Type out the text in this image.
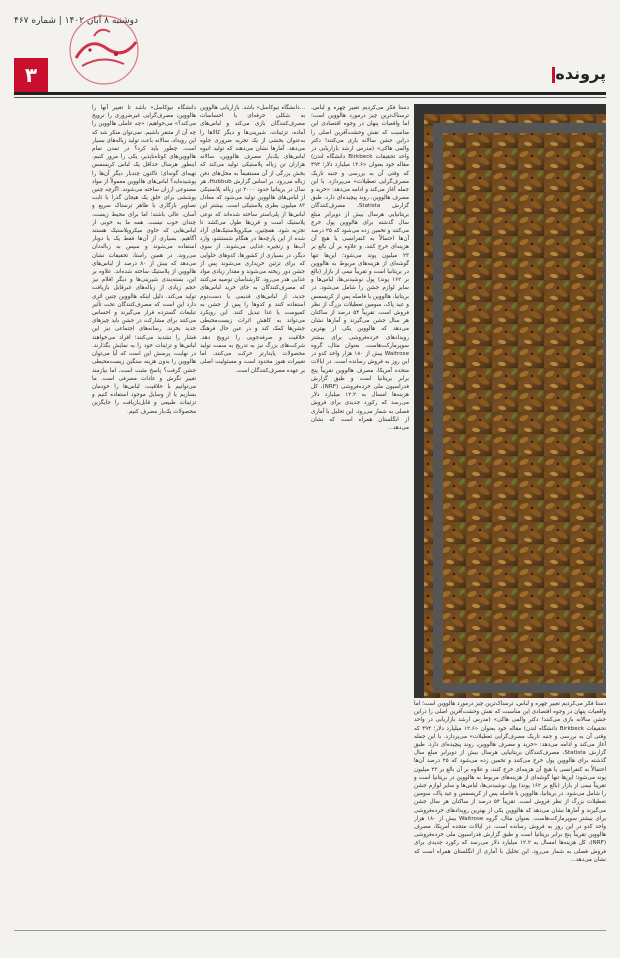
دوشنبه ۸ آبان ۱۴۰۲ | شماره ۴۶۷
۳	پرونده

دستا فکر می‌کردیم تغییر چهره و لباس، ترسناک‌ترین چیز درمورد هالووین است؛ اما واقعیات پنهان در وجوه اقتصادی این مناسبت که نقش وحشت‌آفرین اصلی را دراین جشن سالانه بازی می‌کنند! دکتر والمی هاکی» (مدرس ارشد بازاریابی در واحد تحقیقات Birkbeck دانشگاه لندن) مقاله خود بعنوان «۱۲.۶ میلیارد دلار؛ ۴۹۴ که وقتی آن به بررسی و جنبه تاریک مصرف‌گرایی تعطیلات» می‌پردازد. با این جمله آغاز می‌کند و ادامه می‌دهد: «خرید و مصرف هالووین، روند پیچیده‌ای دارد. طبق گزارش Statista، مصرف‌کنندگان بریتانیایی هرسال بیش از دوبرابر مبلغ سال گذشته برای هالووین پول خرج می‌کنند و تخمین زده می‌شود که ۲۵ درصد آن‌ها احتمالاً به کنفرانسی یا هیچ آن هزینه‌ای خرج کنند، و علاوه بر آن بالغ بر ۲۳ میلیون پوند می‌شود؛ این‌ها تنها گوشه‌ای از هزینه‌های مربوط به هالووین در بریتانیا است و تقریباً نیمی از بازار (بالغ بر ۱۶۲ پوند) پول نوشیدنی‌ها، لباس‌ها و سایر لوازم جشن را شامل می‌شود. در بریتانیا، هالووین با فاصله پس از کریسمس و عید پاک، سومین تعطیلات بزرگ از نظر فروش است. تقریباً ۵۴ درصد از ساکنان هر سال جشن می‌گیرند و آمارها نشان می‌دهد که هالووین یکی از بهترین رویدادهای خرده‌فروشی برای بیشتر سوپرمارکت‌هاست. بعنوان مثال، گروه Waitrose بیش از ۱۸۰ هزار واحد کدو در این روز به فروش رسانده است. در ایالات متحده آمریکا، مصرف هالووین تقریباً پنج برابر بریتانیا است و طبق گزارش فدراسیون ملی خرده‌فروشی (NRF)، کل هزینه‌ها امسال به ۱۲.۲ میلیارد دلار می‌رسد که رکورد جدیدی برای فروش فصلی به شمار می‌رود. این تحلیل با آماری از انگلستان همراه است که نشان می‌دهد...

...دانشگاه نیوکاسل» باشد. بازاریابی هالووین به شکلی حرفه‌ای با احساسات مصرف‌کنندگان بازی می‌کند و لباس‌های آماده، تزئینات، شیرینی‌ها و دیگر کالاها را به‌عنوان بخشی از یک تجربه ضروری جلوه می‌دهد. آمارها نشان می‌دهند که تولید انبوه لباس‌های یک‌بار مصرف هالووین، سالانه هزاران تن زباله پلاستیکی تولید می‌کند که بخش بزرگی از آن مستقیماً به محل‌های دفن زباله می‌رود. بر اساس گزارش Hubbub، هر سال در بریتانیا حدود ۲۰۰۰ تن زباله پلاستیکی از لباس‌های هالووین تولید می‌شود که معادل ۸۳ میلیون بطری پلاستیکی است. بیشتر این لباس‌ها از پلی‌استر ساخته شده‌اند که نوعی پلاستیک است و قرن‌ها طول می‌کشد تا تجزیه شود. همچنین، میکروپلاستیک‌های آزاد شده از این پارچه‌ها در هنگام شستشو، وارد آب‌ها و زنجیره غذایی می‌شوند. از سوی دیگر، در بسیاری از کشورها، کدوهای حلوایی که برای تزئین خریداری می‌شوند پس از جشن دور ریخته می‌شوند و مقدار زیادی مواد غذایی هدر می‌رود. کارشناسان توصیه می‌کنند که مصرف‌کنندگان به جای خرید لباس‌های جدید، از لباس‌های قدیمی یا دست‌دوم استفاده کنند و کدوها را پس از جشن به کمپوست یا غذا تبدیل کنند. این رویکرد می‌تواند به کاهش اثرات زیست‌محیطی جشن‌ها کمک کند و در عین حال فرهنگ خلاقیت و صرفه‌جویی را ترویج دهد. شرکت‌های بزرگ نیز به تدریج به سمت تولید محصولات پایدارتر حرکت می‌کنند، اما تغییرات هنوز محدود است و مسئولیت اصلی بر عهده مصرف‌کنندگان است.

دانشگاه نیوکاسل» باشد تا تغییر آنها را هالووین، مصرف‌گرایی غیرضروری را ترویج می‌کند؟» می‌خواهیم: «چه عاملی هالووین را چه آن از متنفر باشیم. نمی‌توان منکر شد که این رویداد، سالانه باعث تولید زباله‌های بسیار است. چطور باید کرد؟ در تمدن تمام هالووین‌های کوتاه‌ناپذیر، یکی را مرور کنیم. اینطور هرسال حداقل یک لباس کریسمس تهیه‌ای گونه‌ای؛ تاکنون چندبار دیگر آن‌ها را پوشیده‌اید؟ لباس‌های هالووین معمولاً از مواد مصنوعی ارزان ساخته می‌شوند. اگرچه چنین پوششی برای خلق یک هیجان گذرا با ثابت تصاویر بازگاری با ظاهر ترسناک سریع و آسان، عالی باشند؛ اما برای محیط زیست، چندان خوب نیست. همه ما به خوبی از لباس‌هایی که حاوی میکروپلاستیک هستند آگاهیم. بسیاری از آن‌ها فقط یک یا دوبار استفاده می‌شوند و سپس به زباله‌دان می‌روند. در همین راستا، تحقیقات نشان می‌دهد که بیش از ۸۰ درصد از لباس‌های هالووین از پلاستیک ساخته شده‌اند. علاوه بر این، بسته‌بندی شیرینی‌ها و دیگر اقلام نیز حجم زیادی از زباله‌های غیرقابل بازیافت تولید می‌کند. دلیل اینکه هالووین چنین اثری دارد این است که مصرف‌کنندگان تحت تأثیر تبلیغات گسترده قرار می‌گیرند و احساس می‌کنند برای مشارکت در جشن باید چیزهای جدید بخرند. رسانه‌های اجتماعی نیز این فشار را تشدید می‌کنند؛ افراد می‌خواهند لباس‌ها و تزئینات خود را به نمایش بگذارند. در نهایت، پرسش این است که آیا می‌توان هالووین را بدون هزینه سنگین زیست‌محیطی جشن گرفت؟ پاسخ مثبت است، اما نیازمند تغییر نگرش و عادات مصرفی است. ما می‌توانیم با خلاقیت، لباس‌ها را خودمان بسازیم یا از وسایل موجود استفاده کنیم و تزئینات طبیعی و قابل‌بازیافت را جایگزین محصولات یک‌بار مصرف کنیم.

دستا فکر می‌کردیم تغییر چهره و لباس، ترسناک‌ترین چیز درمورد هالووین است؛ اما واقعیات پنهان در وجوه اقتصادی این مناسبت که نقش وحشت‌آفرین اصلی را دراین جشن سالانه بازی می‌کنند! دکتر والمی هاکی» (مدرس ارشد بازاریابی در واحد تحقیقات Birkbeck دانشگاه لندن) مقاله خود بعنوان «۱۲.۶ میلیارد دلار؛ ۴۹۴ که وقتی آن به بررسی و جنبه تاریک مصرف‌گرایی تعطیلات» می‌پردازد. با این جمله آغاز می‌کند و ادامه می‌دهد: «خرید و مصرف هالووین، روند پیچیده‌ای دارد. طبق گزارش Statista، مصرف‌کنندگان بریتانیایی هرسال بیش از دوبرابر مبلغ سال گذشته برای هالووین پول خرج می‌کنند و تخمین زده می‌شود که ۲۵ درصد آن‌ها احتمالاً به کنفرانسی یا هیچ آن هزینه‌ای خرج کنند، و علاوه بر آن بالغ بر ۲۳ میلیون پوند می‌شود؛ این‌ها تنها گوشه‌ای از هزینه‌های مربوط به هالووین در بریتانیا است و تقریباً نیمی از بازار (بالغ بر ۱۶۲ پوند) پول نوشیدنی‌ها، لباس‌ها و سایر لوازم جشن را شامل می‌شود. در بریتانیا، هالووین با فاصله پس از کریسمس و عید پاک، سومین تعطیلات بزرگ از نظر فروش است. تقریباً ۵۴ درصد از ساکنان هر سال جشن می‌گیرند و آمارها نشان می‌دهد که هالووین یکی از بهترین رویدادهای خرده‌فروشی برای بیشتر سوپرمارکت‌هاست. بعنوان مثال، گروه Waitrose بیش از ۱۸۰ هزار واحد کدو در این روز به فروش رسانده است. در ایالات متحده آمریکا، مصرف هالووین تقریباً پنج برابر بریتانیا است و طبق گزارش فدراسیون ملی خرده‌فروشی (NRF)، کل هزینه‌ها امسال به ۱۲.۲ میلیارد دلار می‌رسد که رکورد جدیدی برای فروش فصلی به شمار می‌رود. این تحلیل با آماری از انگلستان همراه است که نشان می‌دهد...
